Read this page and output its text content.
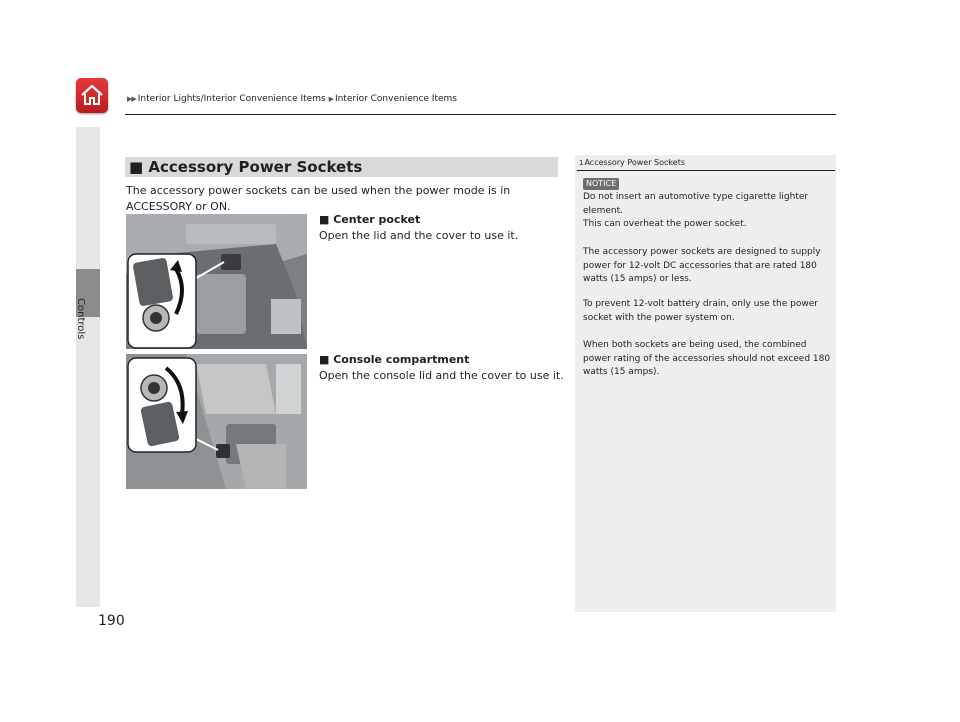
▶▶ Interior Lights/Interior Convenience Items ▶ Interior Convenience Items
Controls
190
■ Accessory Power Sockets
The accessory power sockets can be used when the power mode is in ACCESSORY or ON.
■ Center pocket
Open the lid and the cover to use it.
■ Console compartment
Open the console lid and the cover to use it.
1Accessory Power Sockets
NOTICE
Do not insert an automotive type cigarette lighter element.
This can overheat the power socket.
The accessory power sockets are designed to supply power for 12-volt DC accessories that are rated 180 watts (15 amps) or less.
To prevent 12-volt battery drain, only use the power socket with the power system on.
When both sockets are being used, the combined power rating of the accessories should not exceed 180 watts (15 amps).
